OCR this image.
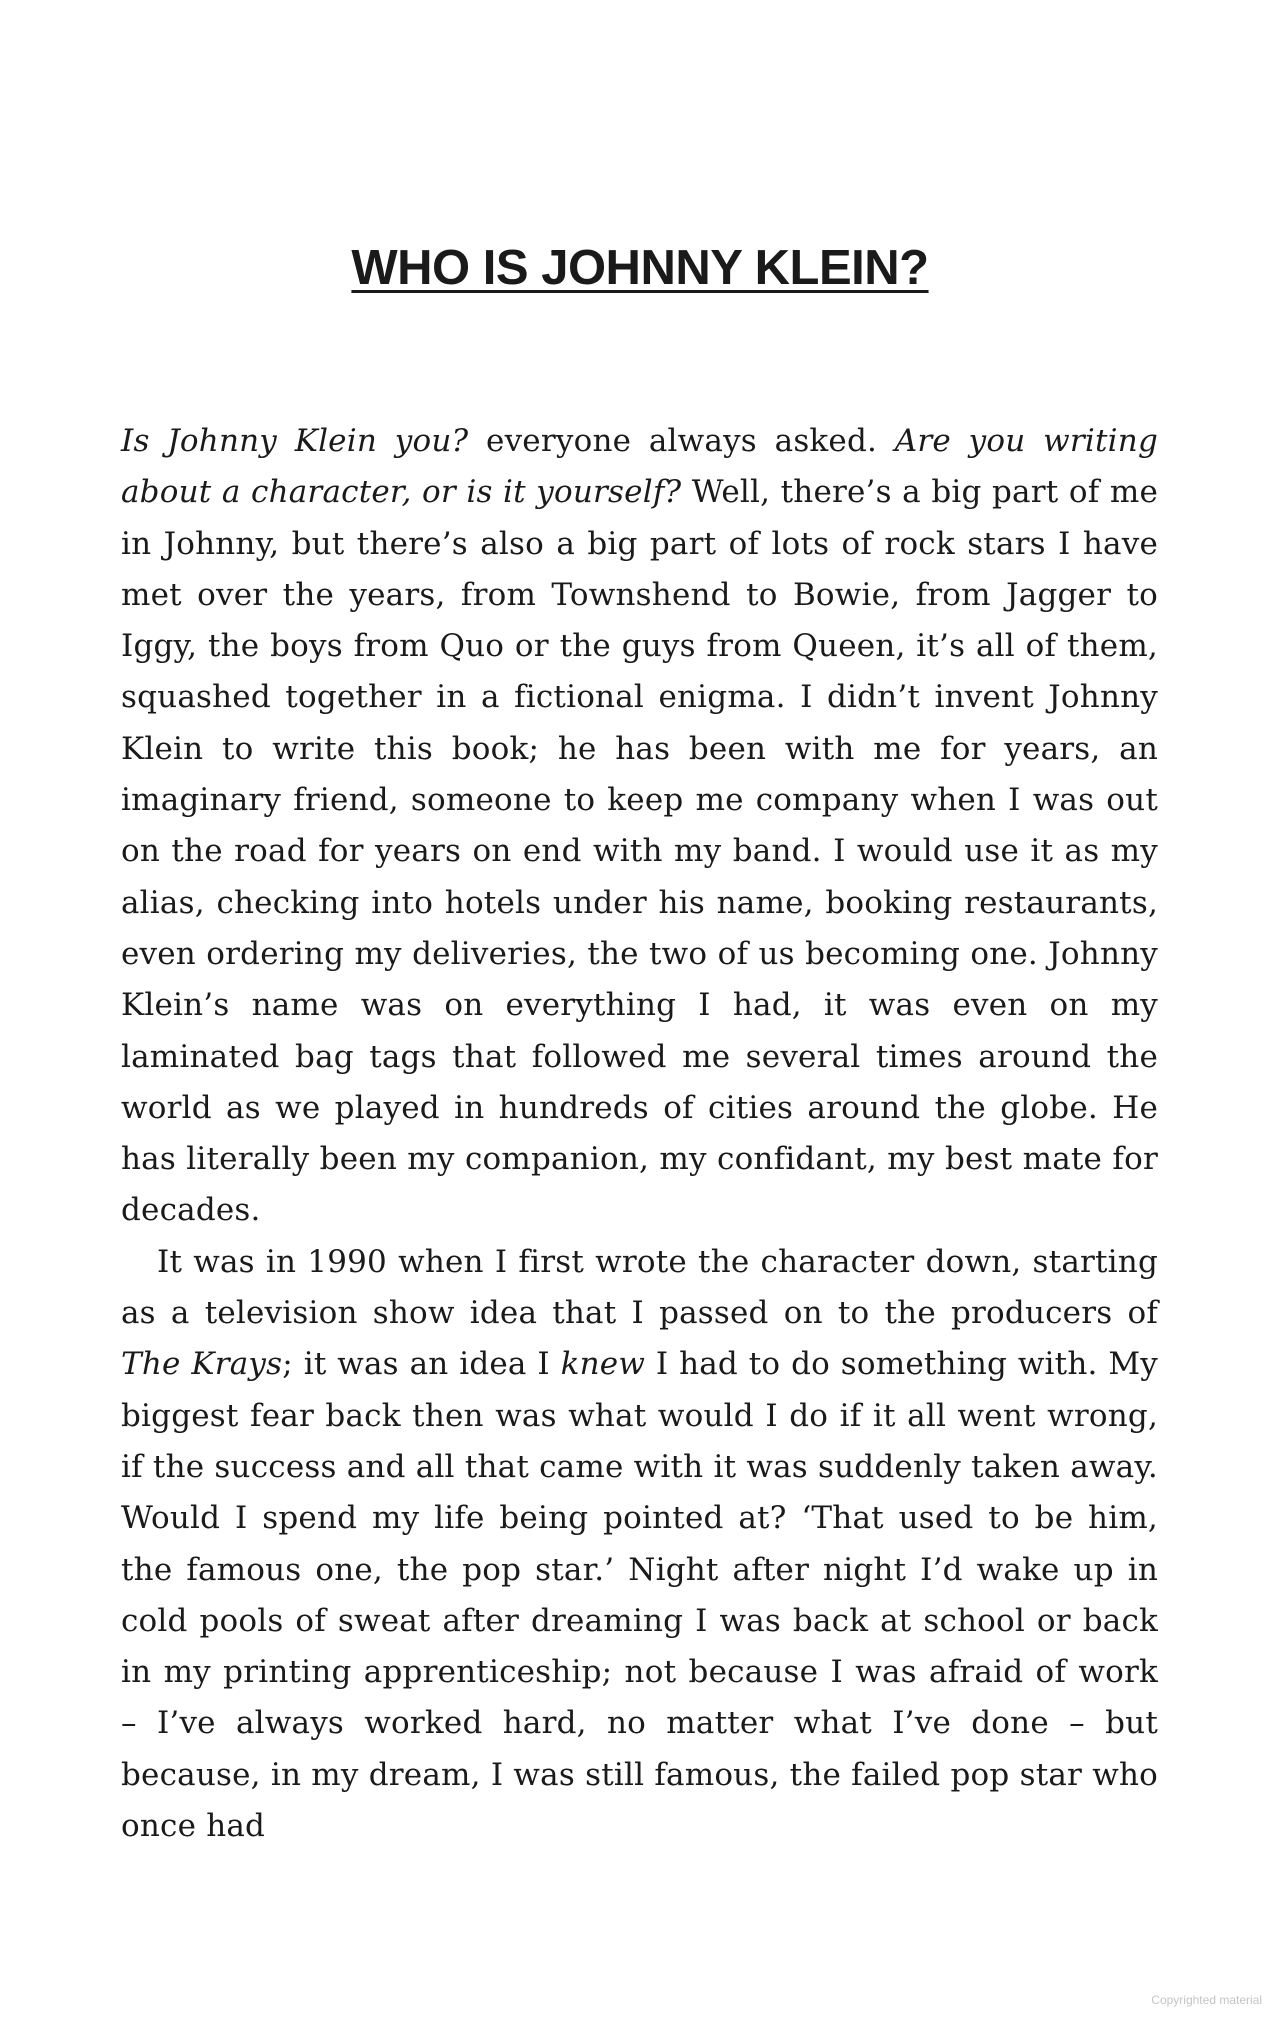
WHO IS JOHNNY KLEIN?

Is Johnny Klein you? everyone always asked. Are you writing about a character, or is it yourself? Well, there’s a big part of me in Johnny, but there’s also a big part of lots of rock stars I have met over the years, from Townshend to Bowie, from Jagger to Iggy, the boys from Quo or the guys from Queen, it’s all of them, squashed together in a fictional enigma. I didn’t invent Johnny Klein to write this book; he has been with me for years, an imaginary friend, someone to keep me company when I was out on the road for years on end with my band. I would use it as my alias, checking into hotels under his name, booking restaurants, even ordering my deliveries, the two of us becoming one. Johnny Klein’s name was on everything I had, it was even on my laminated bag tags that followed me several times around the world as we played in hundreds of cities around the globe. He has literally been my companion, my confidant, my best mate for decades.

It was in 1990 when I first wrote the character down, starting as a television show idea that I passed on to the producers of The Krays; it was an idea I knew I had to do something with. My biggest fear back then was what would I do if it all went wrong, if the success and all that came with it was suddenly taken away. Would I spend my life being pointed at? ‘That used to be him, the famous one, the pop star.’ Night after night I’d wake up in cold pools of sweat after dreaming I was back at school or back in my printing apprenticeship; not because I was afraid of work – I’ve always worked hard, no matter what I’ve done – but because, in my dream, I was still famous, the failed pop star who once had

Copyrighted material
